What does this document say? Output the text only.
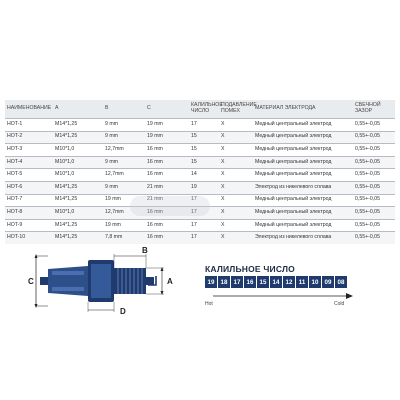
НАИМЕНОВАНИЕ	A	B	C	КАЛИЛЬНОЕ ЧИСЛО	ПОДАВЛЕНИЕ ПОМЕХ	МАТЕРИАЛ ЭЛЕКТРОДА	СВЕЧНОЙ ЗАЗОР
HOT-1	M14*1,25	9 mm	19 mm	17	X	Медный центральный электрод	0,55+-0,05
HOT-2	M14*1,25	9 mm	19 mm	15	X	Медный центральный электрод	0,55+-0,05
HOT-3	M10*1,0	12,7mm	16 mm	15	X	Медный центральный электрод	0,55+-0,05
HOT-4	M10*1,0	9 mm	16 mm	15	X	Медный центральный электрод	0,55+-0,05
HOT-5	M10*1,0	12,7mm	16 mm	14	X	Медный центральный электрод	0,55+-0,05
HOT-6	M14*1,25	9 mm	21 mm	19	X	Электрод из никелевого сплава	0,55+-0,05
HOT-7	M14*1,25	19 mm	21 mm	17	X	Медный центральный электрод	0,55+-0,05
HOT-8	M10*1,0	12,7mm	16 mm	17	X	Медный центральный электрод	0,55+-0,05
HOT-9	M14*1,25	19 mm	16 mm	17	X	Медный центральный электрод	0,55+-0,05
HOT-10	M14*1,25	7,8 mm	16 mm	17	X	Электрод из никелевого сплава	0,55+-0,05
C
B
A
D
КАЛИЛЬНОЕ ЧИСЛО
19 18 17 16 15 14 12	11	10 09 08
Hot	Cold
